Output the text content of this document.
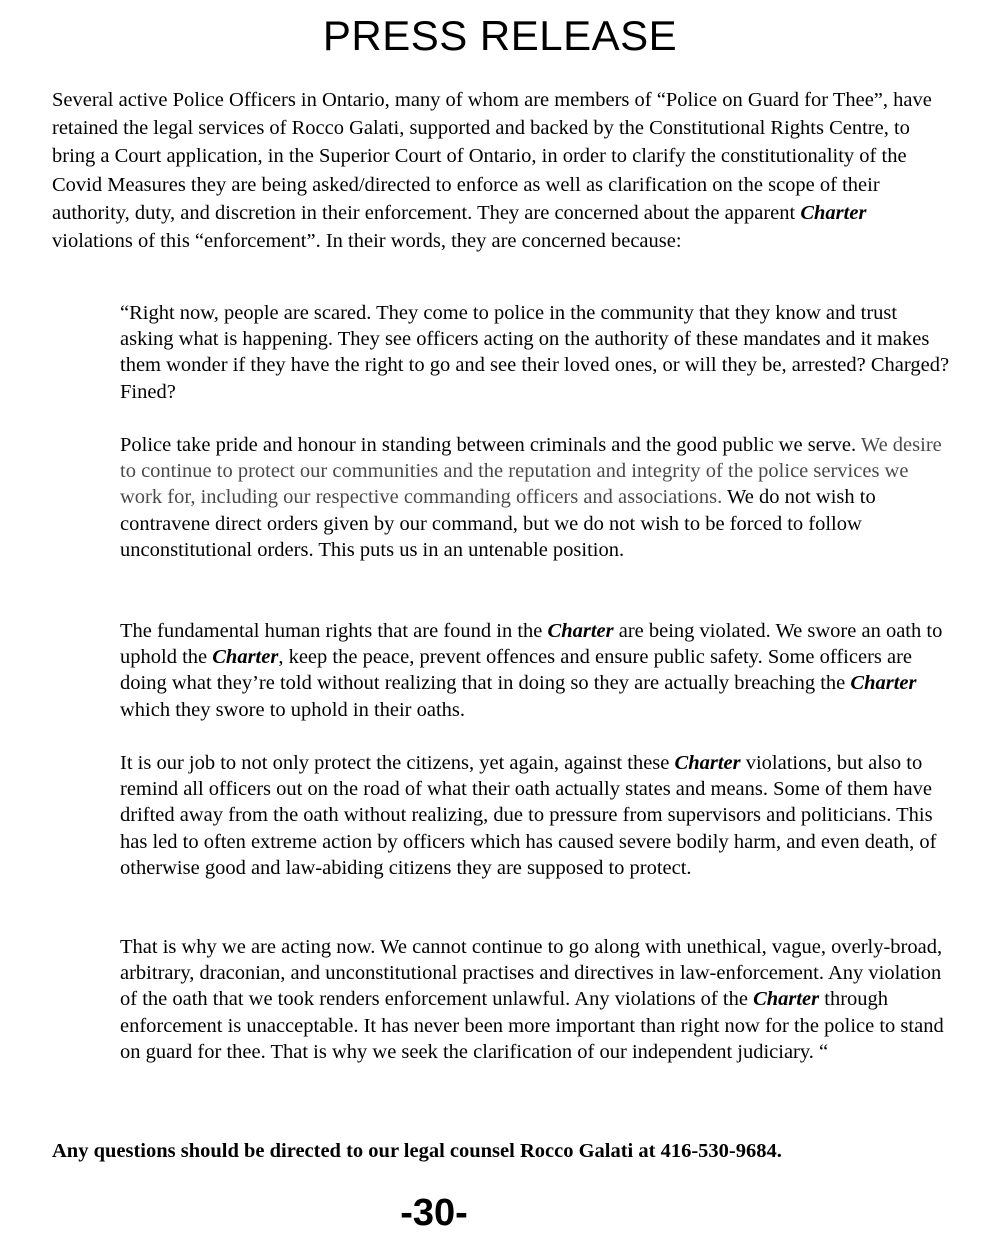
PRESS RELEASE

Several active Police Officers in Ontario, many of whom are members of “Police on Guard for Thee”, have retained the legal services of Rocco Galati, supported and backed by the Constitutional Rights Centre, to bring a Court application, in the Superior Court of Ontario, in order to clarify the constitutionality of the Covid Measures they are being asked/directed to enforce as well as clarification on the scope of their authority, duty, and discretion in their enforcement. They are concerned about the apparent Charter violations of this “enforcement”. In their words, they are concerned because:

“Right now, people are scared. They come to police in the community that they know and trust asking what is happening. They see officers acting on the authority of these mandates and it makes them wonder if they have the right to go and see their loved ones, or will they be, arrested? Charged? Fined?

Police take pride and honour in standing between criminals and the good public we serve. We desire to continue to protect our communities and the reputation and integrity of the police services we work for, including our respective commanding officers and associations. We do not wish to contravene direct orders given by our command, but we do not wish to be forced to follow unconstitutional orders. This puts us in an untenable position.

The fundamental human rights that are found in the Charter are being violated. We swore an oath to uphold the Charter, keep the peace, prevent offences and ensure public safety. Some officers are doing what they’re told without realizing that in doing so they are actually breaching the Charter which they swore to uphold in their oaths.

It is our job to not only protect the citizens, yet again, against these Charter violations, but also to remind all officers out on the road of what their oath actually states and means. Some of them have drifted away from the oath without realizing, due to pressure from supervisors and politicians. This has led to often extreme action by officers which has caused severe bodily harm, and even death, of otherwise good and law-abiding citizens they are supposed to protect.

That is why we are acting now. We cannot continue to go along with unethical, vague, overly-broad, arbitrary, draconian, and unconstitutional practises and directives in law-enforcement. Any violation of the oath that we took renders enforcement unlawful. Any violations of the Charter through enforcement is unacceptable. It has never been more important than right now for the police to stand on guard for thee. That is why we seek the clarification of our independent judiciary. “

Any questions should be directed to our legal counsel Rocco Galati at 416-530-9684.

-30-
